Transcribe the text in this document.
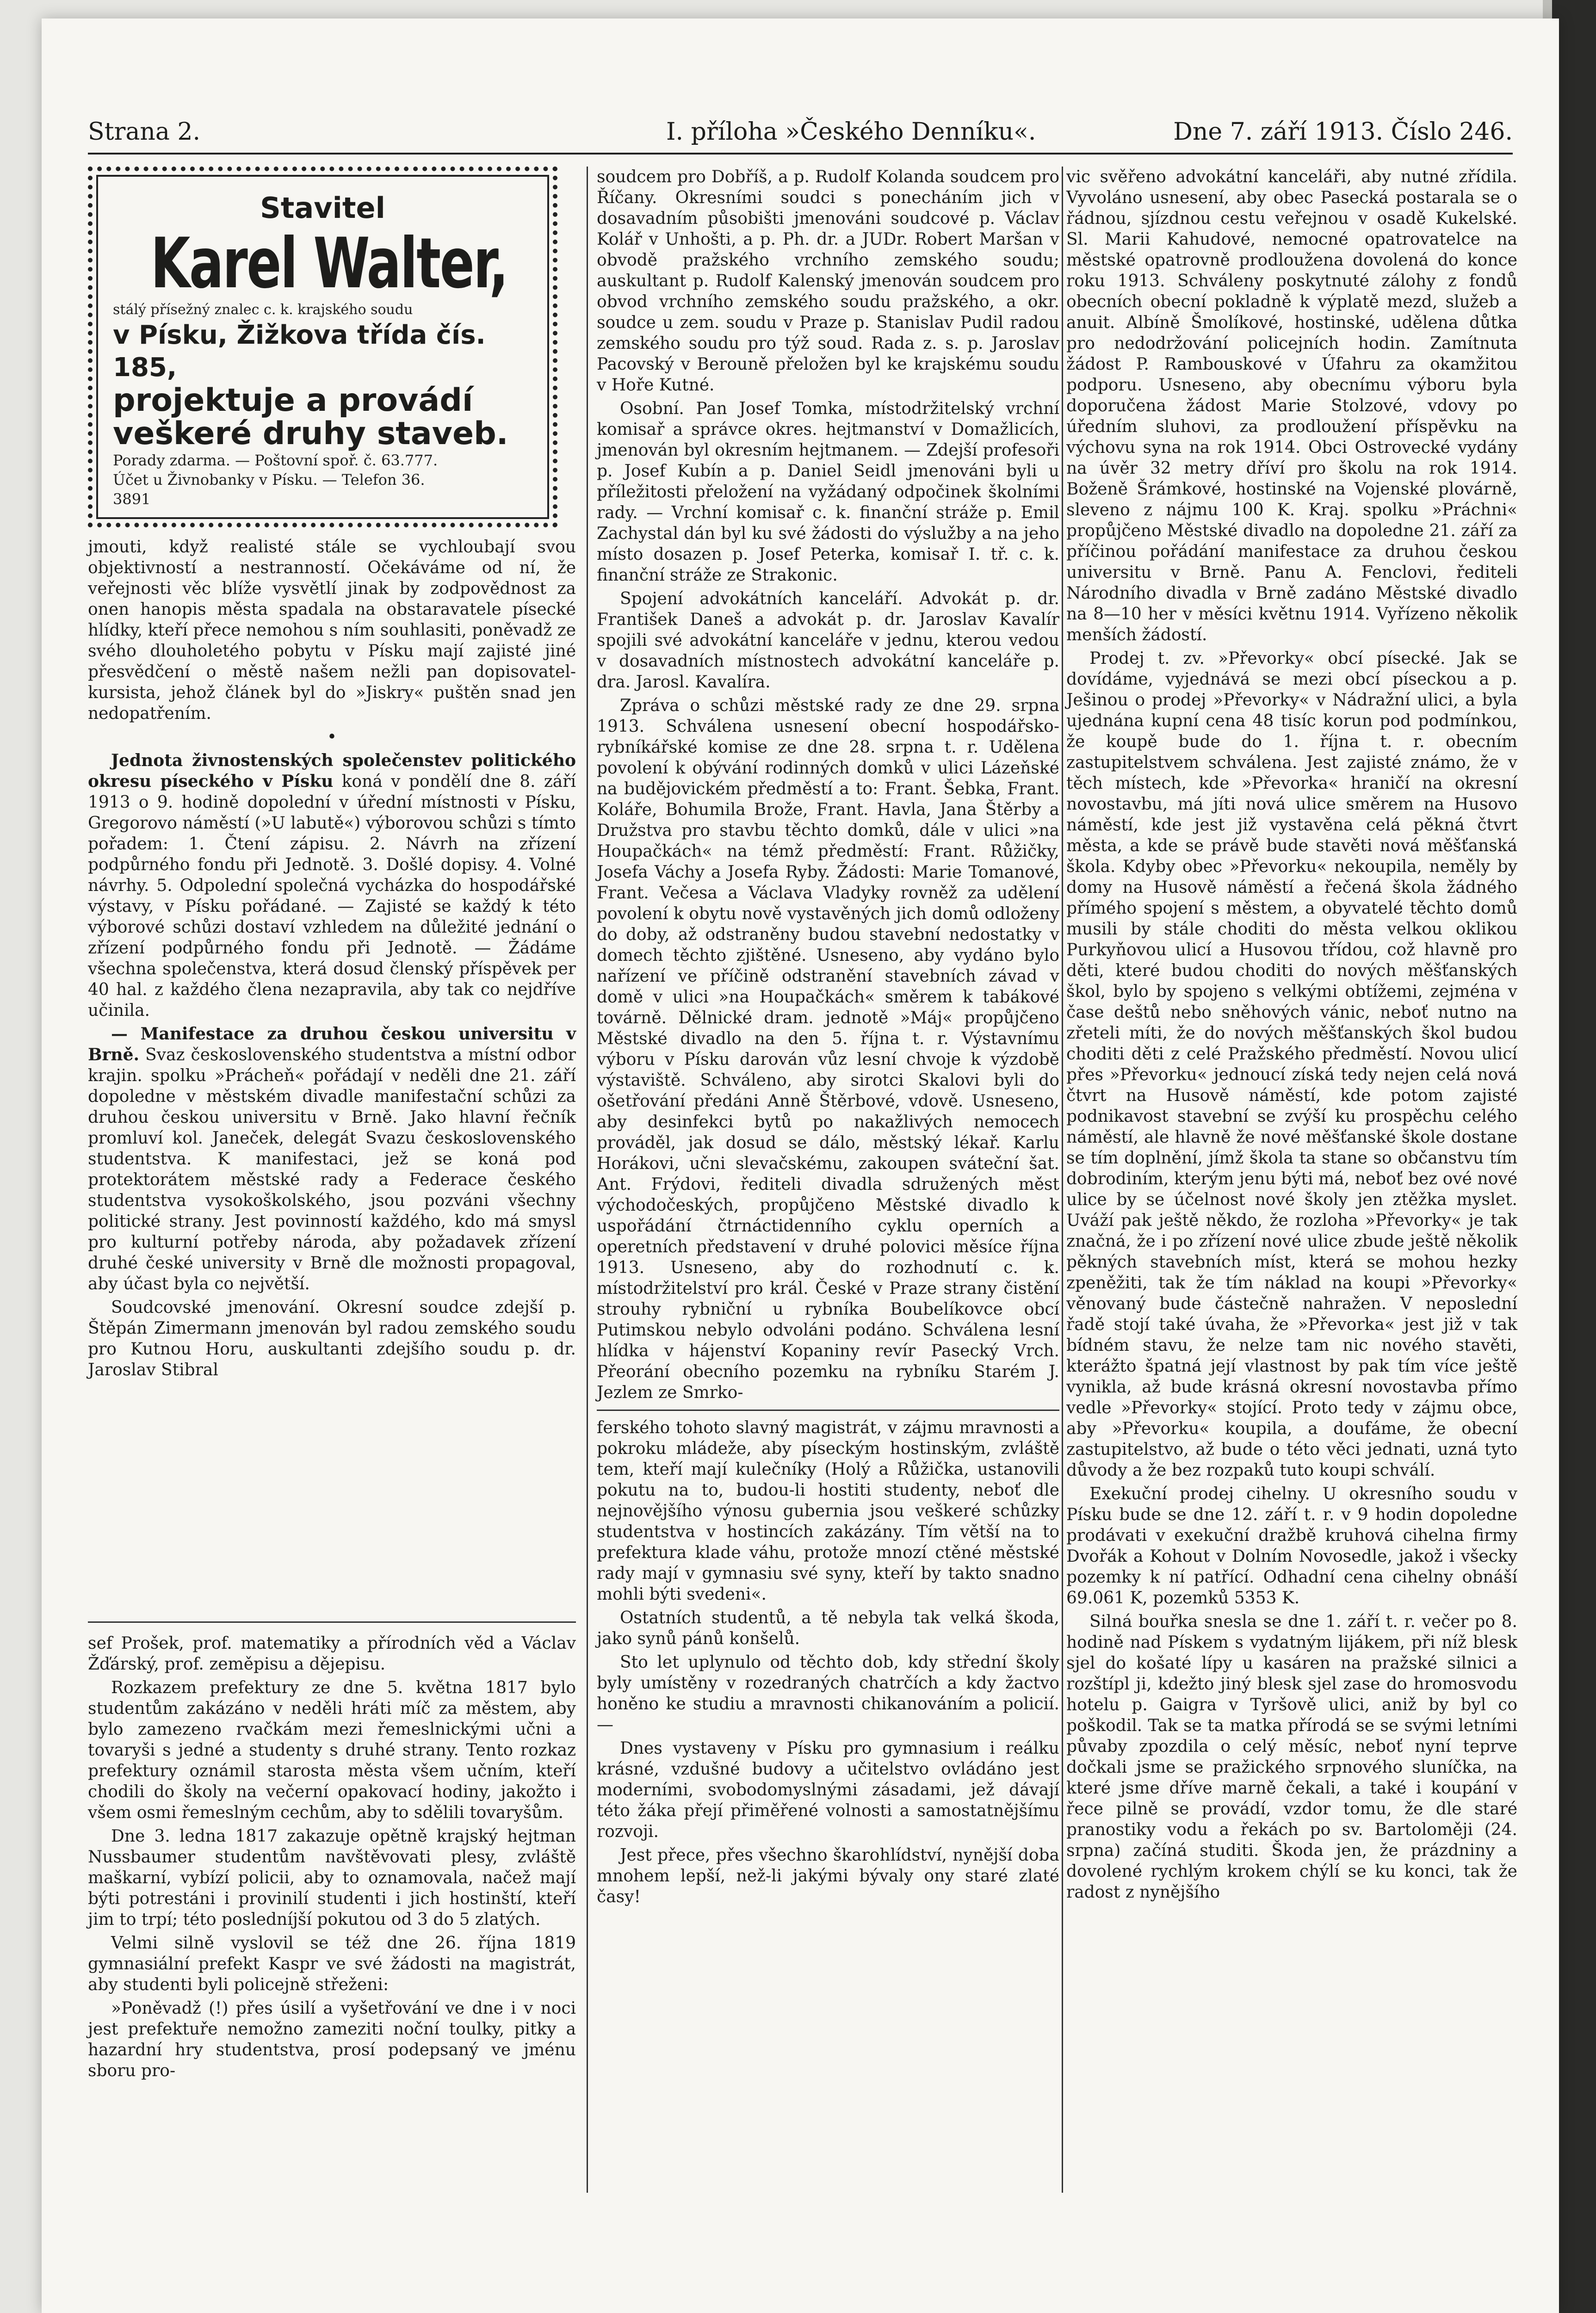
Strana 2.	I. příloha »Českého Denníku«.	Dne 7. září 1913. Číslo 246.
Stavitel
Karel Walter,
stálý přísežný znalec c. k. krajského soudu
v Písku, Žižkova třída čís. 185,
projektuje a provádí
veškeré druhy staveb.
Porady zdarma. — Poštovní spoř. č. 63.777.
Účet u Živnobanky v Písku. — Telefon 36.
3891

jmouti, když realisté stále se vychloubají svou objektivností a nestranností. Očekáváme od ní, že veřejnosti věc blíže vysvětlí jinak by zodpovědnost za onen hanopis města spadala na obstaravatele písecké hlídky, kteří přece nemohou s ním souhlasiti, poněvadž ze svého dlouholetého pobytu v Písku mají zajisté jiné přesvědčení o městě našem nežli pan dopisovatel-kursista, jehož článek byl do »Jiskry« puštěn snad jen nedopatřením.

•

Jednota živnostenských společenstev politického okresu píseckého v Písku koná v pondělí dne 8. září 1913 o 9. hodině dopolední v úřední místnosti v Písku, Gregorovo náměstí (»U labutě«) výborovou schůzi s tímto pořadem: 1. Čtení zápisu. 2. Návrh na zřízení podpůrného fondu při Jednotě. 3. Došlé dopisy. 4. Volné návrhy. 5. Odpolední společná vycházka do hospodářské výstavy, v Písku pořádané. — Zajisté se každý k této výborové schůzi dostaví vzhledem na důležité jednání o zřízení podpůrného fondu při Jednotě. — Žádáme všechna společenstva, která dosud členský příspěvek per 40 hal. z každého člena nezapravila, aby tak co nejdříve učinila.

— Manifestace za druhou českou universitu v Brně. Svaz československého studentstva a místní odbor krajin. spolku »Prácheň« pořádají v neděli dne 21. září dopoledne v městském divadle manifestační schůzi za druhou českou universitu v Brně. Jako hlavní řečník promluví kol. Janeček, delegát Svazu československého studentstva. K manifestaci, jež se koná pod protektorátem městské rady a Federace českého studentstva vysokoškolského, jsou pozváni všechny politické strany. Jest povinností každého, kdo má smysl pro kulturní potřeby národa, aby požadavek zřízení druhé české university v Brně dle možnosti propagoval, aby účast byla co největší.

Soudcovské jmenování. Okresní soudce zdejší p. Štěpán Zimermann jmenován byl radou zemského soudu pro Kutnou Horu, auskultanti zdejšího soudu p. dr. Jaroslav Stibral

sef Prošek, prof. matematiky a přírodních věd a Václav Žďárský, prof. zeměpisu a dějepisu.

Rozkazem prefektury ze dne 5. května 1817 bylo studentům zakázáno v neděli hráti míč za městem, aby bylo zamezeno rvačkám mezi řemeslnickými učni a tovaryši s jedné a studenty s druhé strany. Tento rozkaz prefektury oznámil starosta města všem učním, kteří chodili do školy na večerní opakovací hodiny, jakožto i všem osmi řemeslným cechům, aby to sdělili tovaryšům.

Dne 3. ledna 1817 zakazuje opětně krajský hejtman Nussbaumer studentům navštěvovati plesy, zvláště maškarní, vybízí policii, aby to oznamovala, načež mají býti potrestáni i provinilí studenti i jich hostinští, kteří jim to trpí; této posledníjší pokutou od 3 do 5 zlatých.

Velmi silně vyslovil se též dne 26. října 1819 gymnasiální prefekt Kaspr ve své žádosti na magistrát, aby studenti byli policejně střeženi:

»Poněvadž (!) přes úsilí a vyšetřování ve dne i v noci jest prefektuře nemožno zameziti noční toulky, pitky a hazardní hry studentstva, prosí podepsaný ve jménu sboru pro-

soudcem pro Dobříš, a p. Rudolf Kolanda soudcem pro Říčany. Okresními soudci s ponecháním jich v dosavadním působišti jmenováni soudcové p. Václav Kolář v Unhošti, a p. Ph. dr. a JUDr. Robert Maršan v obvodě pražského vrchního zemského soudu; auskultant p. Rudolf Kalenský jmenován soudcem pro obvod vrchního zemského soudu pražského, a okr. soudce u zem. soudu v Praze p. Stanislav Pudil radou zemského soudu pro týž soud. Rada z. s. p. Jaroslav Pacovský v Berouně přeložen byl ke krajskému soudu v Hoře Kutné.

Osobní. Pan Josef Tomka, místodržitelský vrchní komisař a správce okres. hejtmanství v Domažlicích, jmenován byl okresním hejtmanem. — Zdejší profesoři p. Josef Kubín a p. Daniel Seidl jmenováni byli u příležitosti přeložení na vyžádaný odpočinek školními rady. — Vrchní komisař c. k. finanční stráže p. Emil Zachystal dán byl ku své žádosti do výslužby a na jeho místo dosazen p. Josef Peterka, komisař I. tř. c. k. finanční stráže ze Strakonic.

Spojení advokátních kanceláří. Advokát p. dr. František Daneš a advokát p. dr. Jaroslav Kavalír spojili své advokátní kanceláře v jednu, kterou vedou v dosavadních místnostech advokátní kanceláře p. dra. Jarosl. Kavalíra.

Zpráva o schůzi městské rady ze dne 29. srpna 1913. Schválena usnesení obecní hospodářsko-rybníkářské komise ze dne 28. srpna t. r. Udělena povolení k obývání rodinných domků v ulici Lázeňské na budějovickém předměstí a to: Frant. Šebka, Frant. Koláře, Bohumila Brože, Frant. Havla, Jana Štěrby a Družstva pro stavbu těchto domků, dále v ulici »na Houpačkách« na témž předměstí: Frant. Růžičky, Josefa Váchy a Josefa Ryby. Žádosti: Marie Tomanové, Frant. Večesa a Václava Vladyky rovněž za udělení povolení k obytu nově vystavěných jich domů odloženy do doby, až odstraněny budou stavební nedostatky v domech těchto zjištěné. Usneseno, aby vydáno bylo nařízení ve příčině odstranění stavebních závad v domě v ulici »na Houpačkách« směrem k tabákové továrně. Dělnické dram. jednotě »Máj« propůjčeno Městské divadlo na den 5. října t. r. Výstavnímu výboru v Písku darován vůz lesní chvoje k výzdobě výstaviště. Schváleno, aby sirotci Skalovi byli do ošetřování předáni Anně Štěrbové, vdově. Usneseno, aby desinfekci bytů po nakažlivých nemocech prováděl, jak dosud se dálo, městský lékař. Karlu Horákovi, učni slevačskému, zakoupen sváteční šat. Ant. Frýdovi, řediteli divadla sdružených měst východočeských, propůjčeno Městské divadlo k uspořádání čtrnáctidenního cyklu operních a operetních představení v druhé polovici měsíce října 1913. Usneseno, aby do rozhodnutí c. k. místodržitelství pro král. České v Praze strany čistění strouhy rybniční u rybníka Boubelíkovce obcí Putimskou nebylo odvoláni podáno. Schválena lesní hlídka v hájenství Kopaniny revír Pasecký Vrch. Přeorání obecního pozemku na rybníku Starém J. Jezlem ze Smrko-

ferského tohoto slavný magistrát, v zájmu mravnosti a pokroku mládeže, aby píseckým hostinským, zvláště tem, kteří mají kulečníky (Holý a Růžička, ustanovili pokutu na to, budou-li hostiti studenty, neboť dle nejnovějšího výnosu gubernia jsou veškeré schůzky studentstva v hostincích zakázány. Tím větší na to prefektura klade váhu, protože mnozí ctěné městské rady mají v gymnasiu své syny, kteří by takto snadno mohli býti svedeni«.

Ostatních studentů, a tě nebyla tak velká škoda, jako synů pánů konšelů.

Sto let uplynulo od těchto dob, kdy střední školy byly umístěny v rozedraných chatrčích a kdy žactvo honěno ke studiu a mravnosti chikanováním a policií. —

Dnes vystaveny v Písku pro gymnasium i reálku krásné, vzdušné budovy a učitelstvo ovládáno jest moderními, svobodomyslnými zásadami, jež dávají této žáka přejí přiměřené volnosti a samostatnějšímu rozvoji.

Jest přece, přes všechno škarohlídství, nynější doba mnohem lepší, než-li jakými bývaly ony staré zlaté časy!

vic svěřeno advokátní kanceláři, aby nutné zřídila. Vyvoláno usnesení, aby obec Pasecká postarala se o řádnou, sjízdnou cestu veřejnou v osadě Kukelské. Sl. Marii Kahudové, nemocné opatrovatelce na městské opatrovně prodloužena dovolená do konce roku 1913. Schváleny poskytnuté zálohy z fondů obecních obecní pokladně k výplatě mezd, služeb a anuit. Albíně Šmolíkové, hostinské, udělena důtka pro nedodržování policejních hodin. Zamítnuta žádost P. Rambouskové v Úfahru za okamžitou podporu. Usneseno, aby obecnímu výboru byla doporučena žádost Marie Stolzové, vdovy po úředním sluhovi, za prodloužení příspěvku na výchovu syna na rok 1914. Obci Ostrovecké vydány na úvěr 32 metry dříví pro školu na rok 1914. Boženě Šrámkové, hostinské na Vojenské plovárně, sleveno z nájmu 100 K. Kraj. spolku »Práchni« propůjčeno Městské divadlo na dopoledne 21. září za příčinou pořádání manifestace za druhou českou universitu v Brně. Panu A. Fenclovi, řediteli Národního divadla v Brně zadáno Městské divadlo na 8—10 her v měsíci květnu 1914. Vyřízeno několik menších žádostí.

Prodej t. zv. »Převorky« obcí písecké. Jak se dovídáme, vyjednává se mezi obcí píseckou a p. Ješinou o prodej »Převorky« v Nádražní ulici, a byla ujednána kupní cena 48 tisíc korun pod podmínkou, že koupě bude do 1. října t. r. obecním zastupitelstvem schválena. Jest zajisté známo, že v těch místech, kde »Převorka« hraničí na okresní novostavbu, má jíti nová ulice směrem na Husovo náměstí, kde jest již vystavěna celá pěkná čtvrt města, a kde se právě bude stavěti nová měšťanská škola. Kdyby obec »Převorku« nekoupila, neměly by domy na Husově náměstí a řečená škola žádného přímého spojení s městem, a obyvatelé těchto domů musili by stále choditi do města velkou oklikou Purkyňovou ulicí a Husovou třídou, což hlavně pro děti, které budou choditi do nových měšťanských škol, bylo by spojeno s velkými obtížemi, zejména v čase deštů nebo sněhových vánic, neboť nutno na zřeteli míti, že do nových měšťanských škol budou choditi děti z celé Pražského předměstí. Novou ulicí přes »Převorku« jednoucí získá tedy nejen celá nová čtvrt na Husově náměstí, kde potom zajisté podnikavost stavební se zvýší ku prospěchu celého náměstí, ale hlavně že nové měšťanské škole dostane se tím doplnění, jímž škola ta stane so občanstvu tím dobrodiním, kterým jenu býti má, neboť bez ové nové ulice by se účelnost nové školy jen ztěžka myslet. Uváží pak ještě někdo, že rozloha »Převorky« je tak značná, že i po zřízení nové ulice zbude ještě několik pěkných stavebních míst, která se mohou hezky zpeněžiti, tak že tím náklad na koupi »Převorky« věnovaný bude částečně nahražen. V neposlední řadě stojí také úvaha, že »Převorka« jest již v tak bídném stavu, že nelze tam nic nového stavěti, kterážto špatná její vlastnost by pak tím více ještě vynikla, až bude krásná okresní novostavba přímo vedle »Převorky« stojící. Proto tedy v zájmu obce, aby »Převorku« koupila, a doufáme, že obecní zastupitelstvo, až bude o této věci jednati, uzná tyto důvody a že bez rozpaků tuto koupi schválí.

Exekuční prodej cihelny. U okresního soudu v Písku bude se dne 12. září t. r. v 9 hodin dopoledne prodávati v exekuční dražbě kruhová cihelna firmy Dvořák a Kohout v Dolním Novosedle, jakož i všecky pozemky k ní patřící. Odhadní cena cihelny obnáší 69.061 K, pozemků 5353 K.

Silná bouřka snesla se dne 1. září t. r. večer po 8. hodině nad Pískem s vydatným lijákem, při níž blesk sjel do košaté lípy u kasáren na pražské silnici a rozštípl ji, kdežto jiný blesk sjel zase do hromosvodu hotelu p. Gaigra v Tyršově ulici, aniž by byl co poškodil. Tak se ta matka přírodá se se svými letními půvaby zpozdila o celý měsíc, neboť nyní teprve dočkali jsme se pražického srpnového sluníčka, na které jsme dříve marně čekali, a také i koupání v řece pilně se provádí, vzdor tomu, že dle staré pranostiky vodu a řekách po sv. Bartoloměji (24. srpna) začíná studiti. Škoda jen, že prázdniny a dovolené rychlým krokem chýlí se ku konci, tak že radost z nynějšího
